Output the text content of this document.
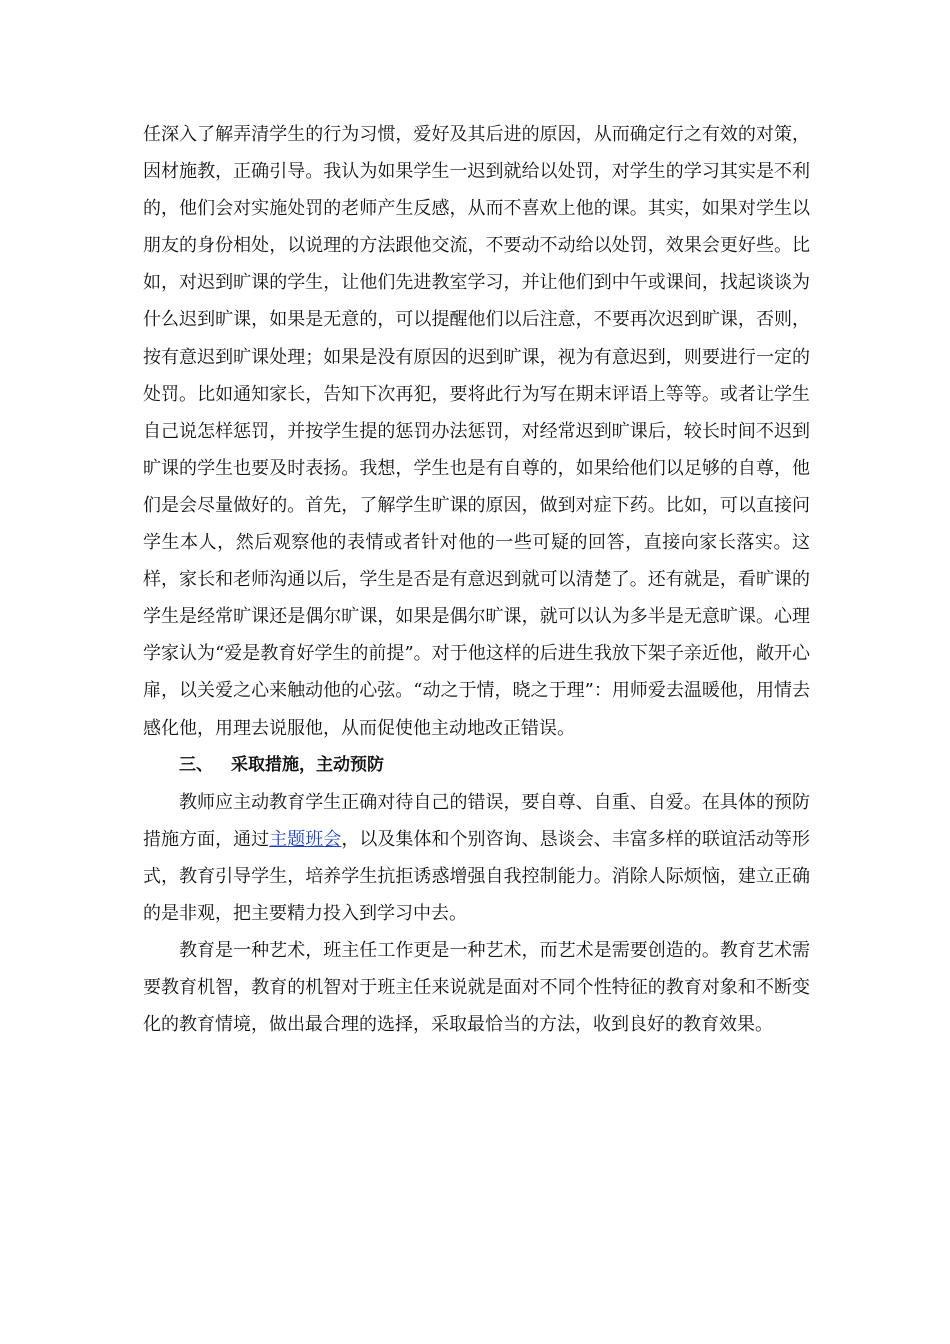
任深入了解弄清学生的行为习惯，爱好及其后进的原因，从而确定行之有效的对策，因材施教，正确引导。我认为如果学生一迟到就给以处罚，对学生的学习其实是不利的，他们会对实施处罚的老师产生反感，从而不喜欢上他的课。其实，如果对学生以朋友的身份相处，以说理的方法跟他交流，不要动不动给以处罚，效果会更好些。比如，对迟到旷课的学生，让他们先进教室学习，并让他们到中午或课间，找起谈谈为什么迟到旷课，如果是无意的，可以提醒他们以后注意，不要再次迟到旷课，否则，按有意迟到旷课处理；如果是没有原因的迟到旷课，视为有意迟到，则要进行一定的处罚。比如通知家长，告知下次再犯，要将此行为写在期末评语上等等。或者让学生自己说怎样惩罚，并按学生提的惩罚办法惩罚，对经常迟到旷课后，较长时间不迟到旷课的学生也要及时表扬。我想，学生也是有自尊的，如果给他们以足够的自尊，他们是会尽量做好的。首先，了解学生旷课的原因，做到对症下药。比如，可以直接问学生本人，然后观察他的表情或者针对他的一些可疑的回答，直接向家长落实。这样，家长和老师沟通以后，学生是否是有意迟到就可以清楚了。还有就是，看旷课的学生是经常旷课还是偶尔旷课，如果是偶尔旷课，就可以认为多半是无意旷课。心理学家认为“爱是教育好学生的前提”。对于他这样的后进生我放下架子亲近他，敞开心扉，以关爱之心来触动他的心弦。“动之于情，晓之于理”：用师爱去温暖他，用情去感化他，用理去说服他，从而促使他主动地改正错误。

三、 采取措施，主动预防

教师应主动教育学生正确对待自己的错误，要自尊、自重、自爱。在具体的预防措施方面，通过主题班会，以及集体和个别咨询、恳谈会、丰富多样的联谊活动等形式，教育引导学生，培养学生抗拒诱惑增强自我控制能力。消除人际烦恼，建立正确的是非观，把主要精力投入到学习中去。

教育是一种艺术，班主任工作更是一种艺术，而艺术是需要创造的。教育艺术需要教育机智，教育的机智对于班主任来说就是面对不同个性特征的教育对象和不断变化的教育情境，做出最合理的选择，采取最恰当的方法，收到良好的教育效果。
